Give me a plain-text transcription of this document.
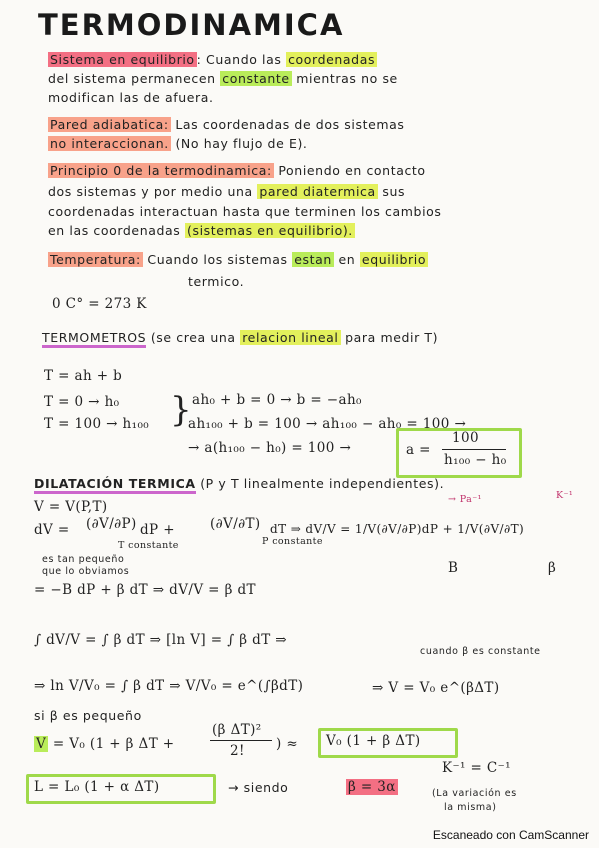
TERMODINAMICA
Sistema en equilibrio : Cuando las coordenadas
del sistema permanecen constante mientras no se
modifican las de afuera.
Pared adiabatica: Las coordenadas de dos sistemas
no interaccionan. (No hay flujo de E).
Principio 0 de la termodinamica: Poniendo en contacto
dos sistemas y por medio una pared diatermica sus
coordenadas interactuan hasta que terminen los cambios
en las coordenadas (sistemas en equilibrio).
Temperatura: Cuando los sistemas estan en equilibrio
termico.
0 C° = 273 K
TERMOMETROS (se crea una relacion lineal para medir T)
T = ah + b
T = 0 → h₀
T = 100 → h₁₀₀ } ah₀ + b = 0 → b = −ah₀
ah₁₀₀ + b = 100 → ah₁₀₀ − ah₀ = 100 →
→ a(h₁₀₀ − h₀) = 100 →	a =
100
h₁₀₀ − h₀
DILATACIÓN TERMICA (P y T linealmente independientes).
V = V(P,T)	→ Pa⁻¹	K⁻¹
dV = (∂V/∂P)
T constante
dP +	(∂V/∂T)
P constante
dT ⇒ dV/V = 1/V(∂V/∂P)dP + 1/V(∂V/∂T)
B	β
es tan pequeño
que lo obviamos
= −B dP + β dT ⇒ dV/V = β dT
∫ dV/V = ∫ β dT ⇒ [ln V] = ∫ β dT ⇒
cuando β es constante
⇒ ln V/V₀ = ∫ β dT ⇒ V/V₀ = e^(∫βdT)	⇒ V = V₀ e^(βΔT)
si β es pequeño
V = V₀ (1 + β ΔT +
(β ΔT)²
2! ) ≈ V₀ (1 + β ΔT)
L = L₀ (1 + α ΔT)	→ siendo	β = 3α
K⁻¹ = C⁻¹
(La variación es
la misma)
Escaneado con CamScanner
